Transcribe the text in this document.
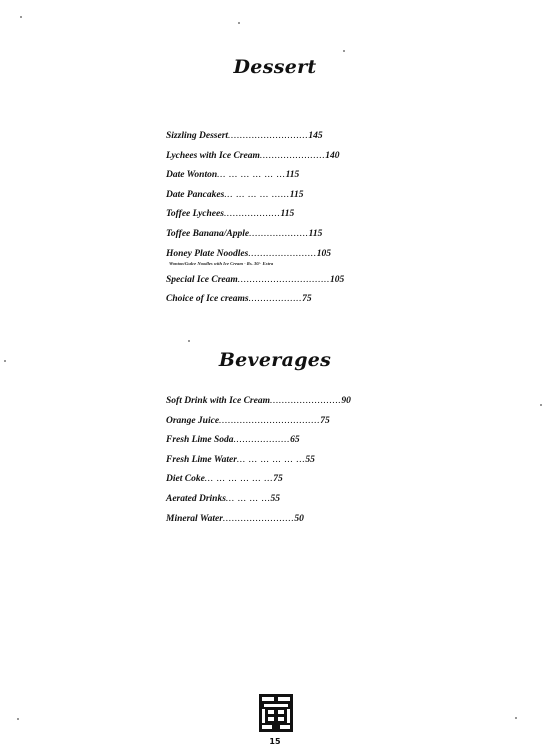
Dessert
Sizzling Dessert...........................145
Lychees with Ice Cream......................140
Date Wonton... ... ... ... ... ...115
Date Pancakes... ... ... ... ......115
Toffee Lychees...................115
Toffee Banana/Apple....................115
Honey Plate Noodles.......................105
Wonton/Gulce Noodles with Ice Cream - Rs. 30/- Extra
Special Ice Cream...............................105
Choice of Ice creams..................75
Beverages
Soft Drink with Ice Cream........................90
Orange Juice..................................75
Fresh Lime Soda...................65
Fresh Lime Water... ... ... ... ... ...55
Diet Coke... ... ... ... ... ...75
Aerated Drinks... ... ... ...55
Mineral Water........................50
15
